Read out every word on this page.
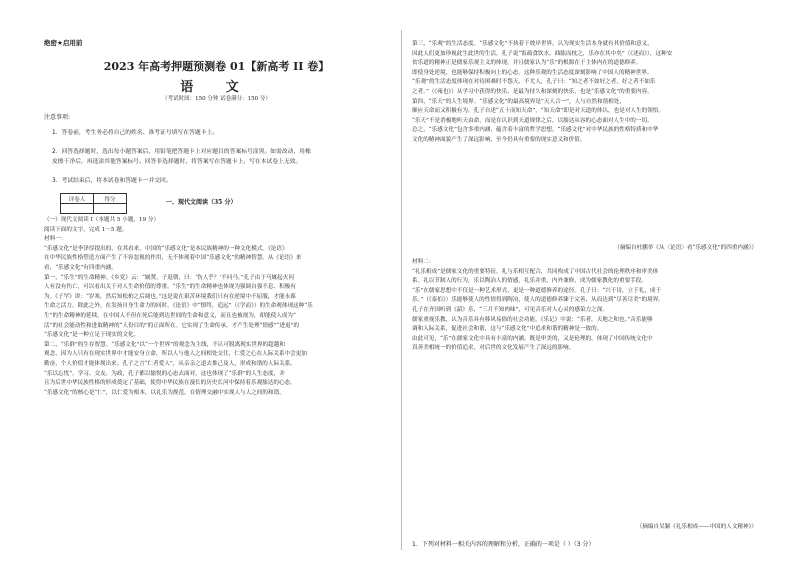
绝密★启用前
2023 年高考押题预测卷 01【新高考 II 卷】
语 文
（考试时间：150 分钟 试卷满分：150 分）
注意事项:
1．答卷前，考生务必将自己的姓名、准考证号填写在答题卡上。
2．回答选择题时，选出每小题答案后，用铅笔把答题卡上对应题目的答案标号涂黑。如需改动，用橡
皮擦干净后，再选涂其他答案标号。回答非选择题时，将答案写在答题卡上，写在本试卷上无效。
3．考试结束后，将本试卷和答题卡一并交回。
评卷人	得分
		一、现代文阅读（35 分）
（一）现代文阅读 I（本题共 5 小题，19 分）
阅读下面的文字，完成 1～5 题。
材料一：
“乐感文化”是李泽厚提出的，在其看来，中国的“乐感文化”是本民族精神的一种文化模式。《论语》
在中华民族性格塑造方面产生了不容忽视的作用，无不体现着中国“乐感文化”的精神智慧。从《论语》来
看，“乐感文化”有四重内涵。
第一，“乐生”的生命精神。《乡党》云：“厩焚。子退朝，曰：‘伤人乎？’不问马。”孔子由于马厩起火问
人有没有伤亡，可以看出关于对人生命价值的尊重。“乐生”的生命精神也体现为强调自强不息、积极有
为。《子罕》讲：“岁寒，然后知松柏之后凋也。”这是说在艰苦环境我们只有在逆境中不屈服，才能永葆
生命之活力。除此之外，在发扬自身生命力的同时，《论语》中“慎终，追远”（《学而》）的生命观体现这种“乐
生”的生命精神的延续。在中国人不但在死后能到达世间的生命和意义，而且也被视为，却能使人成为“
活”的社会能动性和进取精神的“人份目的”的正面所在。它实现了生命传承，才产生处理“情感”“进退”的
“乐感文化”是一种立足于现实的文化。
第二，“乐群”的生存智慧。“乐感文化”以“一个世界”的观念为主线，不认可脱离现实世界的超越和
观念，因为人只有在现实世界中才能安身立命，所以人与他人之间相处交往，仁爱之心在人际关系中会更加
勤奋，个人价值才能体现出来。孔子之言“仁者爱人”，从亲亲之道去推己及人，形成和谐的人际关系。
“乐以忘忧”，学习、交友、为政，孔子都以愉悦的心态去面对，这也体现了“乐群”的人生态度，并
且为后世中华民族性格的形成奠定了基础，使得中华民族在漫长的历史长河中保持着乐观豁达的心态。
“乐感文化”的核心是“仁”，以仁爱为根本，以礼乐为规范，在情理交融中实现人与人之间的和谐。
（摘编自杜鹏举《从〈论语〉看“乐感文化”的四重内涵》）
第三，“乐观”的生活态度。“乐感文化”不执着于彼岸世界，认为现实生活本身就有其价值和意义，
因此人们更加珍视此生此世的生活。孔子说“饭疏食饮水，曲肱而枕之，乐亦在其中矣”（《述而》），这种安
贫乐道的精神正是儒家乐观主义的体现，并且儒家认为“乐”的根源在于主体内在的道德修养。
即使身处逆境，也能够保持积极向上的心态。这种乐观的生活态度深刻影响了中国人的精神世界。
“乐观”的生活态度体现在对待困难时不怨天、不尤人，孔子曰：“知之者不如好之者，好之者不如乐
之者。”（《雍也》）从学习中获得的快乐，是最为持久和深刻的快乐，也是“乐感文化”的重要内容。
第四，“乐天”的人生境界。“乐感文化”的最高境界是“天人合一”，人与自然和谐相处，
顺应天命而又积极有为。孔子自述“五十而知天命”，“知天命”即是对天道的体认，也是对人生的领悟。
“乐天”不是消极地听天由命，而是在认识到天道规律之后，以豁达从容的心态面对人生中的一切。
总之，“乐感文化”包含多重内涵，蕴含着丰富的哲学思想。“乐感文化”对中华民族的性格特质和中华
文化的精神面貌产生了深远影响，至今仍具有重要的现实意义和价值。
（摘编自吴颖《礼乐相成——中国的人文精神》）
1．下列对材料一相关内容的理解和分析，正确的一项是（ ）（3 分）
材料二：
“礼乐相成”是儒家文化的重要特征。礼与乐相互配合，共同构成了中国古代社会的伦理秩序和审美体
系。礼以节制人的行为，乐以陶冶人的情感，礼乐并重，内外兼修，成为儒家教化的重要手段。
“乐”在儒家思想中不仅是一种艺术形式，更是一种道德修养的途径。孔子曰：“兴于诗，立于礼，成于
乐。”（《泰伯》）乐能够使人的性情得到陶冶，使人的道德修养臻于完善，从而达到“尽善尽美”的境界。
孔子在齐国听到《韶》乐，“三月不知肉味”，可见音乐对人心灵的感染力之深。
儒家重视乐教，认为音乐具有移风易俗的社会功能，《乐记》中说：“乐者，天地之和也。”音乐能够
调和人际关系，促进社会和谐，这与“乐感文化”中追求和谐的精神是一致的。
由此可见，“乐”在儒家文化中具有丰富的内涵，既是审美的，又是伦理的，体现了中国传统文化中
真善美相统一的价值追求，对后世的文化发展产生了深远的影响。
